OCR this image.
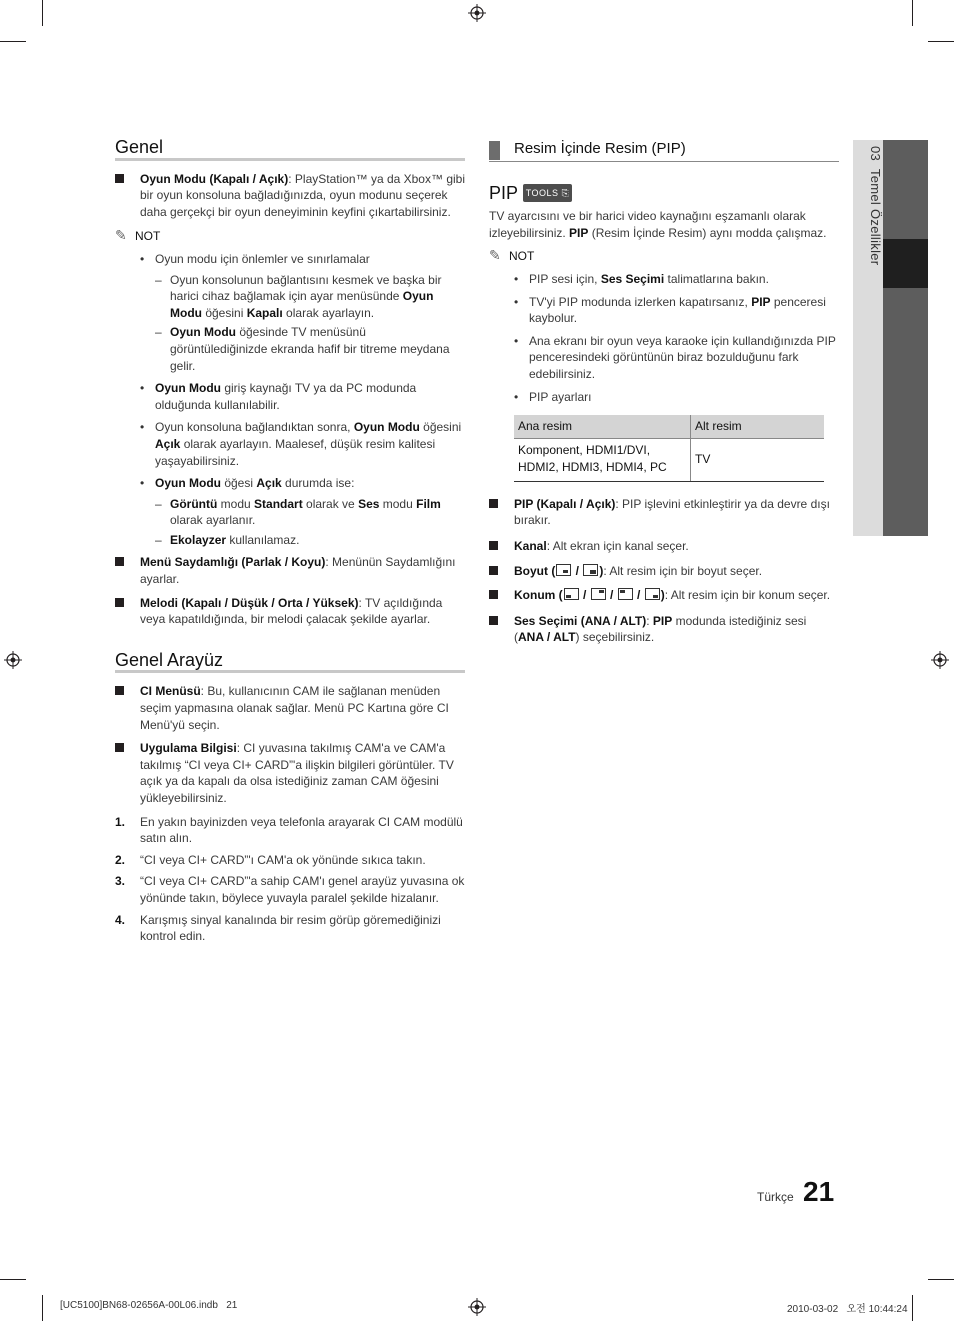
03  Temel Özellikler
Genel
Oyun Modu (Kapalı / Açık): PlayStation™ ya da Xbox™ gibi bir oyun konsoluna bağladığınızda, oyun modunu seçerek daha gerçekçi bir oyun deneyiminin keyfini çıkartabilirsiniz.
✎ NOT
• Oyun modu için önlemler ve sınırlamalar
– Oyun konsolunun bağlantısını kesmek ve başka bir harici cihaz bağlamak için ayar menüsünde Oyun Modu öğesini Kapalı olarak ayarlayın.
– Oyun Modu öğesinde TV menüsünü görüntülediğinizde ekranda hafif bir titreme meydana gelir.
• Oyun Modu giriş kaynağı TV ya da PC modunda olduğunda kullanılabilir.
• Oyun konsoluna bağlandıktan sonra, Oyun Modu öğesini Açık olarak ayarlayın. Maalesef, düşük resim kalitesi yaşayabilirsiniz.
• Oyun Modu öğesi Açık durumda ise:
– Görüntü modu Standart olarak ve Ses modu Film olarak ayarlanır.
– Ekolayzer kullanılamaz.
Menü Saydamlığı (Parlak / Koyu): Menünün Saydamlığını ayarlar.
Melodi (Kapalı / Düşük / Orta / Yüksek): TV açıldığında veya kapatıldığında, bir melodi çalacak şekilde ayarlar.
Genel Arayüz
CI Menüsü: Bu, kullanıcının CAM ile sağlanan menüden seçim yapmasına olanak sağlar. Menü PC Kartına göre CI Menü'yü seçin.
Uygulama Bilgisi: CI yuvasına takılmış CAM'a ve CAM'a takılmış “CI veya CI+ CARD”'a ilişkin bilgileri görüntüler. TV açık ya da kapalı da olsa istediğiniz zaman CAM öğesini yükleyebilirsiniz.
1. En yakın bayinizden veya telefonla arayarak CI CAM modülü satın alın.
2. “CI veya CI+ CARD”'ı CAM'a ok yönünde sıkıca takın.
3. “CI veya CI+ CARD”'a sahip CAM'ı genel arayüz yuvasına ok yönünde takın, böylece yuvayla paralel şekilde hizalanır.
4. Karışmış sinyal kanalında bir resim görüp göremediğinizi kontrol edin.
Resim İçinde Resim (PIP)
PIP TOOLS ⎘
TV ayarcısını ve bir harici video kaynağını eşzamanlı olarak izleyebilirsiniz. PIP (Resim İçinde Resim) aynı modda çalışmaz.
✎ NOT
• PIP sesi için, Ses Seçimi talimatlarına bakın.
• TV'yi PIP modunda izlerken kapatırsanız, PIP penceresi kaybolur.
• Ana ekranı bir oyun veya karaoke için kullandığınızda PIP penceresindeki görüntünün biraz bozulduğunu fark edebilirsiniz.
• PIP ayarları
Ana resim	Alt resim
Komponent, HDMI1/DVI, HDMI2, HDMI3, HDMI4, PC	TV
PIP (Kapalı / Açık): PIP işlevini etkinleştirir ya da devre dışı bırakır.
Kanal: Alt ekran için kanal seçer.
Boyut (
/
): Alt resim için bir boyut seçer.
Konum (
/
/
/
): Alt resim için bir konum seçer.
Ses Seçimi (ANA / ALT): PIP modunda istediğiniz sesi (ANA / ALT) seçebilirsiniz.
Türkçe 21
[UC5100]BN68-02656A-00L06.indb   21	2010-03-02   오전 10:44:24
